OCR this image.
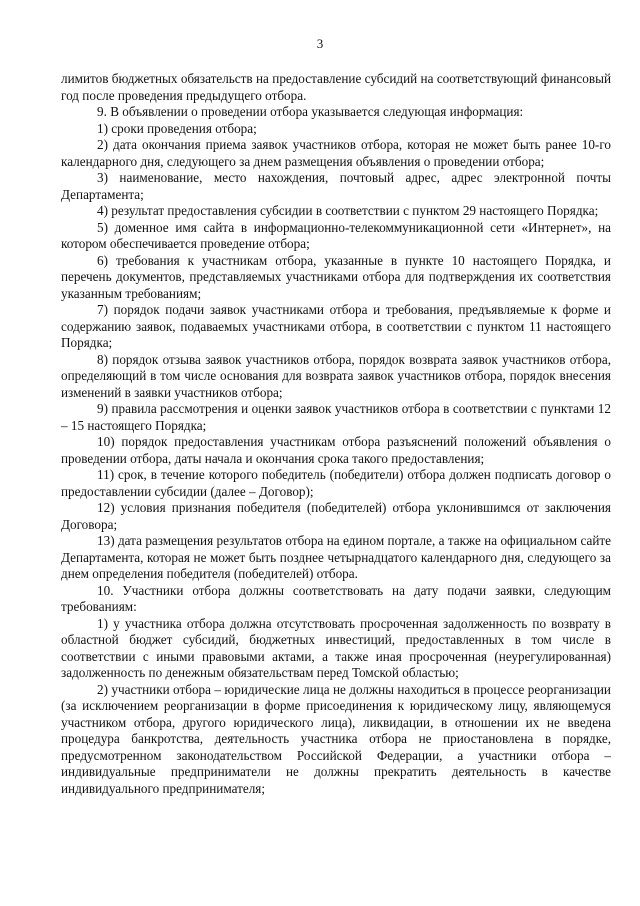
3

лимитов бюджетных обязательств на предоставление субсидий на соответствующий финансовый год после проведения предыдущего отбора.

9. В объявлении о проведении отбора указывается следующая информация:

1) сроки проведения отбора;

2) дата окончания приема заявок участников отбора, которая не может быть ранее 10-го календарного дня, следующего за днем размещения объявления о проведении отбора;

3) наименование, место нахождения, почтовый адрес, адрес электронной почты Департамента;

4) результат предоставления субсидии в соответствии с пунктом 29 настоящего Порядка;

5) доменное имя сайта в информационно-телекоммуникационной сети «Интернет», на котором обеспечивается проведение отбора;

6) требования к участникам отбора, указанные в пункте 10 настоящего Порядка, и перечень документов, представляемых участниками отбора для подтверждения их соответствия указанным требованиям;

7) порядок подачи заявок участниками отбора и требования, предъявляемые к форме и содержанию заявок, подаваемых участниками отбора, в соответствии с пунктом 11 настоящего Порядка;

8) порядок отзыва заявок участников отбора, порядок возврата заявок участников отбора, определяющий в том числе основания для возврата заявок участников отбора, порядок внесения изменений в заявки участников отбора;

9) правила рассмотрения и оценки заявок участников отбора в соответствии с пунктами 12 – 15 настоящего Порядка;

10) порядок предоставления участникам отбора разъяснений положений объявления о проведении отбора, даты начала и окончания срока такого предоставления;

11) срок, в течение которого победитель (победители) отбора должен подписать договор о предоставлении субсидии (далее – Договор);

12) условия признания победителя (победителей) отбора уклонившимся от заключения Договора;

13) дата размещения результатов отбора на едином портале, а также на официальном сайте Департамента, которая не может быть позднее четырнадцатого календарного дня, следующего за днем определения победителя (победителей) отбора.

10. Участники отбора должны соответствовать на дату подачи заявки, следующим требованиям:

1) у участника отбора должна отсутствовать просроченная задолженность по возврату в областной бюджет субсидий, бюджетных инвестиций, предоставленных в том числе в соответствии с иными правовыми актами, а также иная просроченная (неурегулированная) задолженность по денежным обязательствам перед Томской областью;

2) участники отбора – юридические лица не должны находиться в процессе реорганизации (за исключением реорганизации в форме присоединения к юридическому лицу, являющемуся участником отбора, другого юридического лица), ликвидации, в отношении их не введена процедура банкротства, деятельность участника отбора не приостановлена в порядке, предусмотренном законодательством Российской Федерации, а участники отбора – индивидуальные предприниматели не должны прекратить деятельность в качестве индивидуального предпринимателя;
